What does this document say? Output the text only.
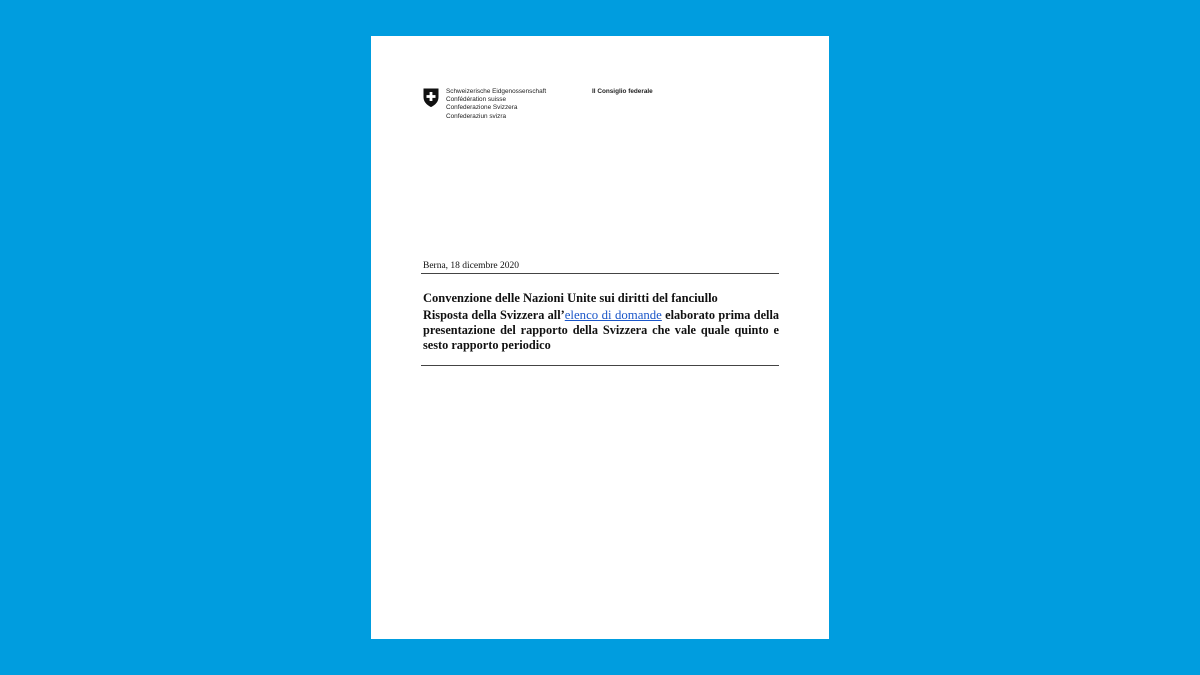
Schweizerische Eidgenossenschaft
Confédération suisse
Confederazione Svizzera
Confederaziun svizra
Il Consiglio federale
Berna, 18 dicembre 2020
Convenzione delle Nazioni Unite sui diritti del fanciullo
Risposta della Svizzera all’elenco di domande elaborato prima della presentazione del rapporto della Svizzera che vale quale quinto e sesto rapporto periodico
